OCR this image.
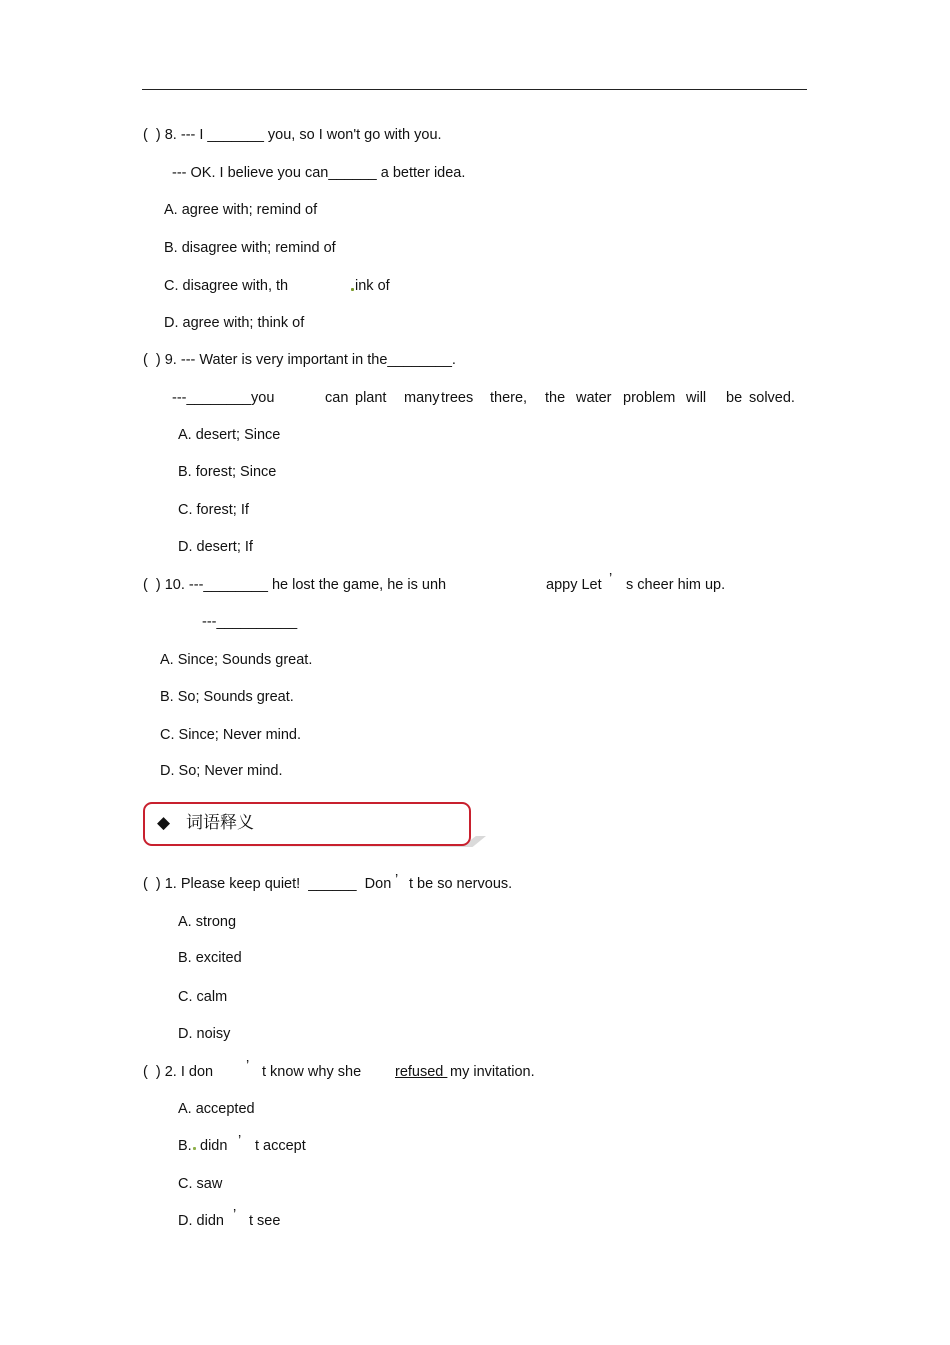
(  ) 8. --- I _______ you, so I won't go with you.
--- OK. I believe you can______ a better idea.
A. agree with; remind of
B. disagree with; remind of
C. disagree with, th	ink of
D. agree with; think of
(  ) 9. --- Water is very important in the________.
---________you	can plant many trees there, the water problem will be solved.
A. desert; Since
B. forest; Since
C. forest; If
D. desert; If
(  ) 10. ---________ he lost the game, he is unh	appy Let ’ s cheer him up.
---__________
A. Since; Sounds great.
B. So; Sounds great.
C. Since; Never mind.
D. So; Never mind.
◆ 词语释义
(  ) 1. Please keep quiet!  ______  Don ’ t be so nervous.
A. strong
B. excited
C. calm
D. noisy
(  ) 2. I don ’ t know why she refused my invitation.
A. accepted
B. didn ’ t accept
C. saw
D. didn ’ t see
